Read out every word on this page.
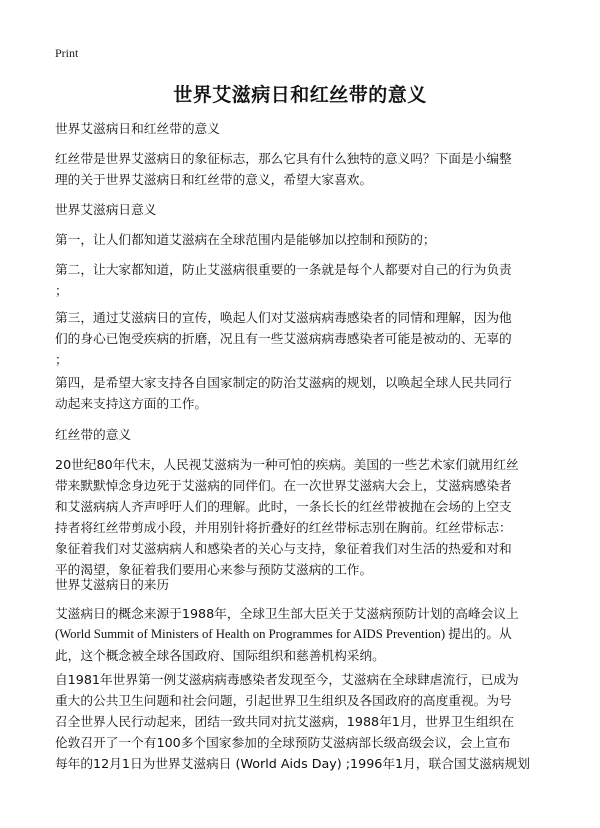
Print
世界艾滋病日和红丝带的意义
世界艾滋病日和红丝带的意义
红丝带是世界艾滋病日的象征标志，那么它具有什么独特的意义吗？下面是小编整
理的关于世界艾滋病日和红丝带的意义，希望大家喜欢。
世界艾滋病日意义
第一，让人们都知道艾滋病在全球范围内是能够加以控制和预防的；
第二，让大家都知道，防止艾滋病很重要的一条就是每个人都要对自己的行为负责
；
第三，通过艾滋病日的宣传，唤起人们对艾滋病病毒感染者的同情和理解，因为他
们的身心已饱受疾病的折磨，况且有一些艾滋病病毒感染者可能是被动的、无辜的
；
第四，是希望大家支持各自国家制定的防治艾滋病的规划，以唤起全球人民共同行
动起来支持这方面的工作。
红丝带的意义
20世纪80年代末，人民视艾滋病为一种可怕的疾病。美国的一些艺术家们就用红丝
带来默默悼念身边死于艾滋病的同伴们。在一次世界艾滋病大会上，艾滋病感染者
和艾滋病病人齐声呼吁人们的理解。此时，一条长长的红丝带被抛在会场的上空支
持者将红丝带剪成小段，并用别针将折叠好的红丝带标志别在胸前。红丝带标志：
象征着我们对艾滋病病人和感染者的关心与支持，象征着我们对生活的热爱和对和
平的渴望，象征着我们要用心来参与预防艾滋病的工作。
世界艾滋病日的来历
艾滋病日的概念来源于1988年，全球卫生部大臣关于艾滋病预防计划的高峰会议上
(World Summit of Ministers of Health on Programmes for AIDS Prevention) 提出的。从
此，这个概念被全球各国政府、国际组织和慈善机构采纳。
自1981年世界第一例艾滋病病毒感染者发现至今，艾滋病在全球肆虐流行，已成为
重大的公共卫生问题和社会问题，引起世界卫生组织及各国政府的高度重视。为号
召全世界人民行动起来，团结一致共同对抗艾滋病，1988年1月，世界卫生组织在
伦敦召开了一个有100多个国家参加的全球预防艾滋病部长级高级会议，会上宣布
每年的12月1日为世界艾滋病日 (World Aids Day) ;1996年1月，联合国艾滋病规划
